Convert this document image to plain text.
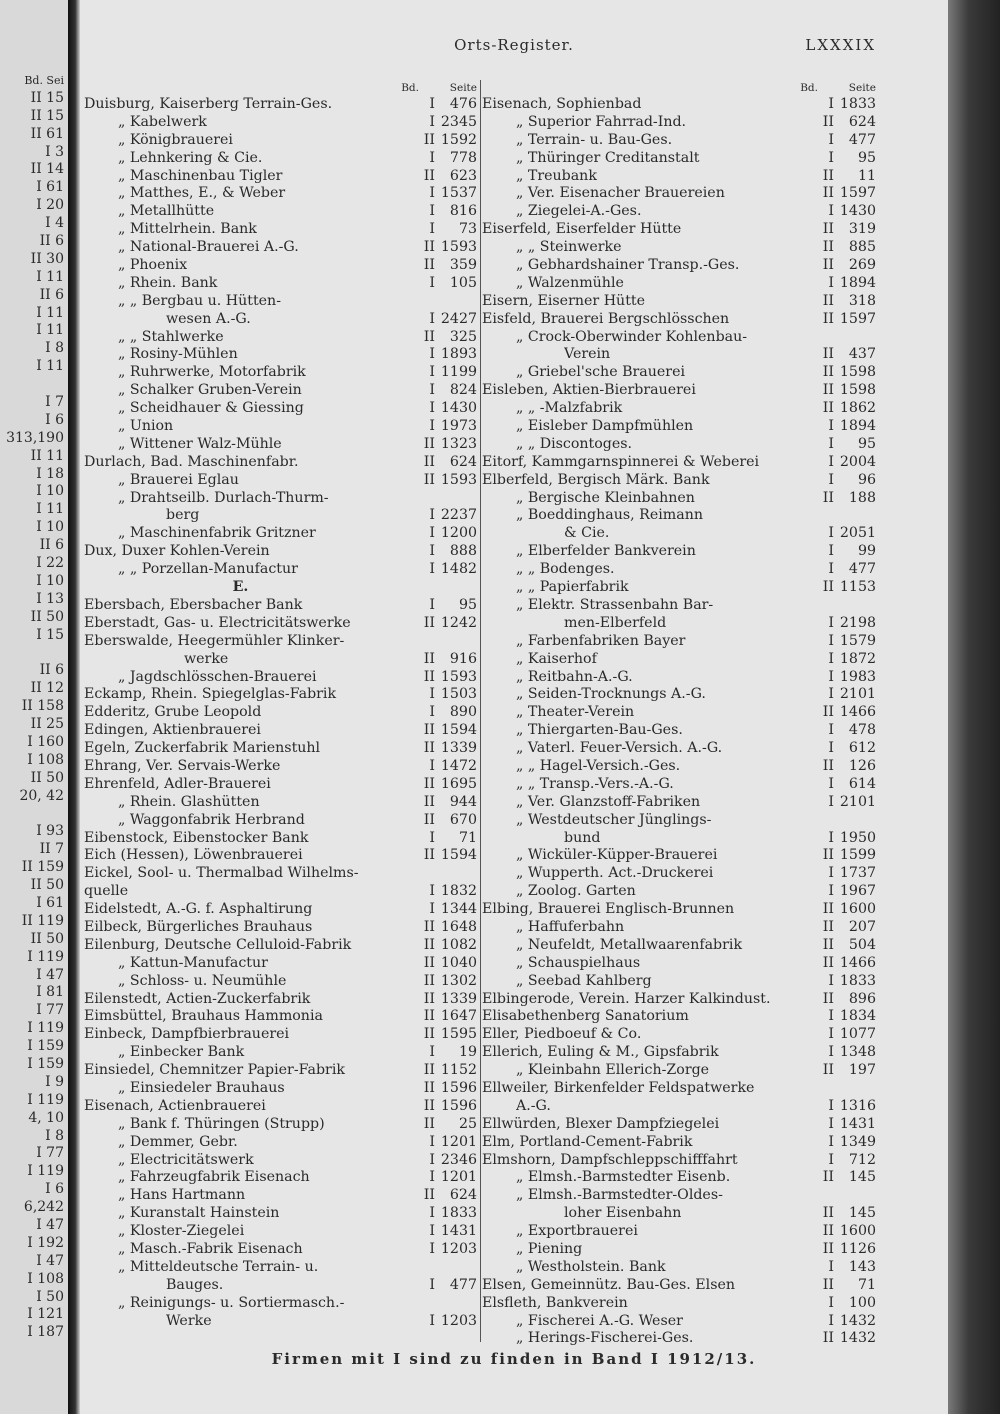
Bd. Sei
II 15
II 15
II 61
I 3
II 14
I 61
I 20
I 4
II 6
II 30
I 11
II 6
I 11
I 11
I 8
I 11
I 7
I 6
313,190
II 11
I 18
I 10
I 11
I 10
II 6
I 22
I 10
I 13
II 50
I 15
II 6
II 12
II 158
II 25
I 160
I 108
II 50
20, 42
I 93
II 7
II 159
II 50
I 61
II 119
II 50
I 119
I 47
I 81
I 77
I 119
I 159
I 159
I 9
I 119
4, 10
I 8
I 77
I 119
I 6
6,242
I 47
I 192
I 47
I 108
I 50
I 121
I 187
Orts-Register.	LXXXIX
Bd.	Seite
Duisburg, Kaiserberg Terrain-Ges.	I	476
„ Kabelwerk	I 2345
„ Königbrauerei	II 1592
„ Lehnkering & Cie.	I	778
„ Maschinenbau Tigler	II	623
„ Matthes, E., & Weber	I 1537
„ Metallhütte	I	816
„ Mittelrhein. Bank	I	73
„ National-Brauerei A.-G.	II 1593
„ Phoenix	II	359
„ Rhein. Bank	I	105
„ „ Bergbau u. Hütten-
wesen A.-G.	I 2427
„ „ Stahlwerke	II	325
„ Rosiny-Mühlen	I 1893
„ Ruhrwerke, Motorfabrik	I 1199
„ Schalker Gruben-Verein	I	824
„ Scheidhauer & Giessing	I 1430
„ Union	I 1973
„ Wittener Walz-Mühle	II 1323
Durlach, Bad. Maschinenfabr.	II	624
„ Brauerei Eglau	II 1593
„ Drahtseilb. Durlach-Thurm-
berg	I 2237
„ Maschinenfabrik Gritzner	I 1200
Dux, Duxer Kohlen-Verein	I	888
„ „ Porzellan-Manufactur	I 1482
E.
Ebersbach, Ebersbacher Bank	I	95
Eberstadt, Gas- u. Electricitätswerke	II 1242
Eberswalde, Heegermühler Klinker-
werke	II	916
„ Jagdschlösschen-Brauerei	II 1593
Eckamp, Rhein. Spiegelglas-Fabrik	I 1503
Edderitz, Grube Leopold	I	890
Edingen, Aktienbrauerei	II 1594
Egeln, Zuckerfabrik Marienstuhl	II 1339
Ehrang, Ver. Servais-Werke	I 1472
Ehrenfeld, Adler-Brauerei	II 1695
„ Rhein. Glashütten	II	944
„ Waggonfabrik Herbrand	II	670
Eibenstock, Eibenstocker Bank	I	71
Eich (Hessen), Löwenbrauerei	II 1594
Eickel, Sool- u. Thermalbad Wilhelms-
quelle	I 1832
Eidelstedt, A.-G. f. Asphaltirung	I 1344
Eilbeck, Bürgerliches Brauhaus	II 1648
Eilenburg, Deutsche Celluloid-Fabrik	II 1082
„ Kattun-Manufactur	II 1040
„ Schloss- u. Neumühle	II 1302
Eilenstedt, Actien-Zuckerfabrik	II 1339
Eimsbüttel, Brauhaus Hammonia	II 1647
Einbeck, Dampfbierbrauerei	II 1595
„ Einbecker Bank	I	19
Einsiedel, Chemnitzer Papier-Fabrik	II 1152
„ Einsiedeler Brauhaus	II 1596
Eisenach, Actienbrauerei	II 1596
„ Bank f. Thüringen (Strupp)	II	25
„ Demmer, Gebr.	I 1201
„ Electricitätswerk	I 2346
„ Fahrzeugfabrik Eisenach	I 1201
„ Hans Hartmann	II	624
„ Kuranstalt Hainstein	I 1833
„ Kloster-Ziegelei	I 1431
„ Masch.-Fabrik Eisenach	I 1203
„ Mitteldeutsche Terrain- u.
Bauges.	I	477
„ Reinigungs- u. Sortiermasch.-
Werke	I 1203
Bd.	Seite
Eisenach, Sophienbad	I 1833
„ Superior Fahrrad-Ind.	II	624
„ Terrain- u. Bau-Ges.	I	477
„ Thüringer Creditanstalt	I	95
„ Treubank	II	11
„ Ver. Eisenacher Brauereien	II 1597
„ Ziegelei-A.-Ges.	I 1430
Eiserfeld, Eiserfelder Hütte	II	319
„ „ Steinwerke	II	885
„ Gebhardshainer Transp.-Ges.	II	269
„ Walzenmühle	I 1894
Eisern, Eiserner Hütte	II	318
Eisfeld, Brauerei Bergschlösschen	II 1597
„ Crock-Oberwinder Kohlenbau-
Verein	II	437
„ Griebel'sche Brauerei	II 1598
Eisleben, Aktien-Bierbrauerei	II 1598
„ „ -Malzfabrik	II 1862
„ Eisleber Dampfmühlen	I 1894
„ „ Discontoges.	I	95
Eitorf, Kammgarnspinnerei & Weberei	I 2004
Elberfeld, Bergisch Märk. Bank	I	96
„ Bergische Kleinbahnen	II	188
„ Boeddinghaus, Reimann
& Cie.	I 2051
„ Elberfelder Bankverein	I	99
„ „ Bodenges.	I	477
„ „ Papierfabrik	II 1153
„ Elektr. Strassenbahn Bar-
men-Elberfeld	I 2198
„ Farbenfabriken Bayer	I 1579
„ Kaiserhof	I 1872
„ Reitbahn-A.-G.	I 1983
„ Seiden-Trocknungs A.-G.	I 2101
„ Theater-Verein	II 1466
„ Thiergarten-Bau-Ges.	I	478
„ Vaterl. Feuer-Versich. A.-G.	I	612
„ „ Hagel-Versich.-Ges.	II	126
„ „ Transp.-Vers.-A.-G.	I	614
„ Ver. Glanzstoff-Fabriken	I 2101
„ Westdeutscher Jünglings-
bund	I 1950
„ Wicküler-Küpper-Brauerei	II 1599
„ Wupperth. Act.-Druckerei	I 1737
„ Zoolog. Garten	I 1967
Elbing, Brauerei Englisch-Brunnen	II 1600
„ Haffuferbahn	II	207
„ Neufeldt, Metallwaarenfabrik	II	504
„ Schauspielhaus	II 1466
„ Seebad Kahlberg	I 1833
Elbingerode, Verein. Harzer Kalkindust.	II	896
Elisabethenberg Sanatorium	I 1834
Eller, Piedboeuf & Co.	I 1077
Ellerich, Euling & M., Gipsfabrik	I 1348
„ Kleinbahn Ellerich-Zorge	II	197
Ellweiler, Birkenfelder Feldspatwerke
A.-G.	I 1316
Ellwürden, Blexer Dampfziegelei	I 1431
Elm, Portland-Cement-Fabrik	I 1349
Elmshorn, Dampfschleppschifffahrt	I	712
„ Elmsh.-Barmstedter Eisenb.	II	145
„ Elmsh.-Barmstedter-Oldes-
loher Eisenbahn	II	145
„ Exportbrauerei	II 1600
„ Piening	II 1126
„ Westholstein. Bank	I	143
Elsen, Gemeinnütz. Bau-Ges. Elsen	II	71
Elsfleth, Bankverein	I	100
„ Fischerei A.-G. Weser	I 1432
„ Herings-Fischerei-Ges.	II 1432
Firmen mit I sind zu finden in Band I 1912/13.
